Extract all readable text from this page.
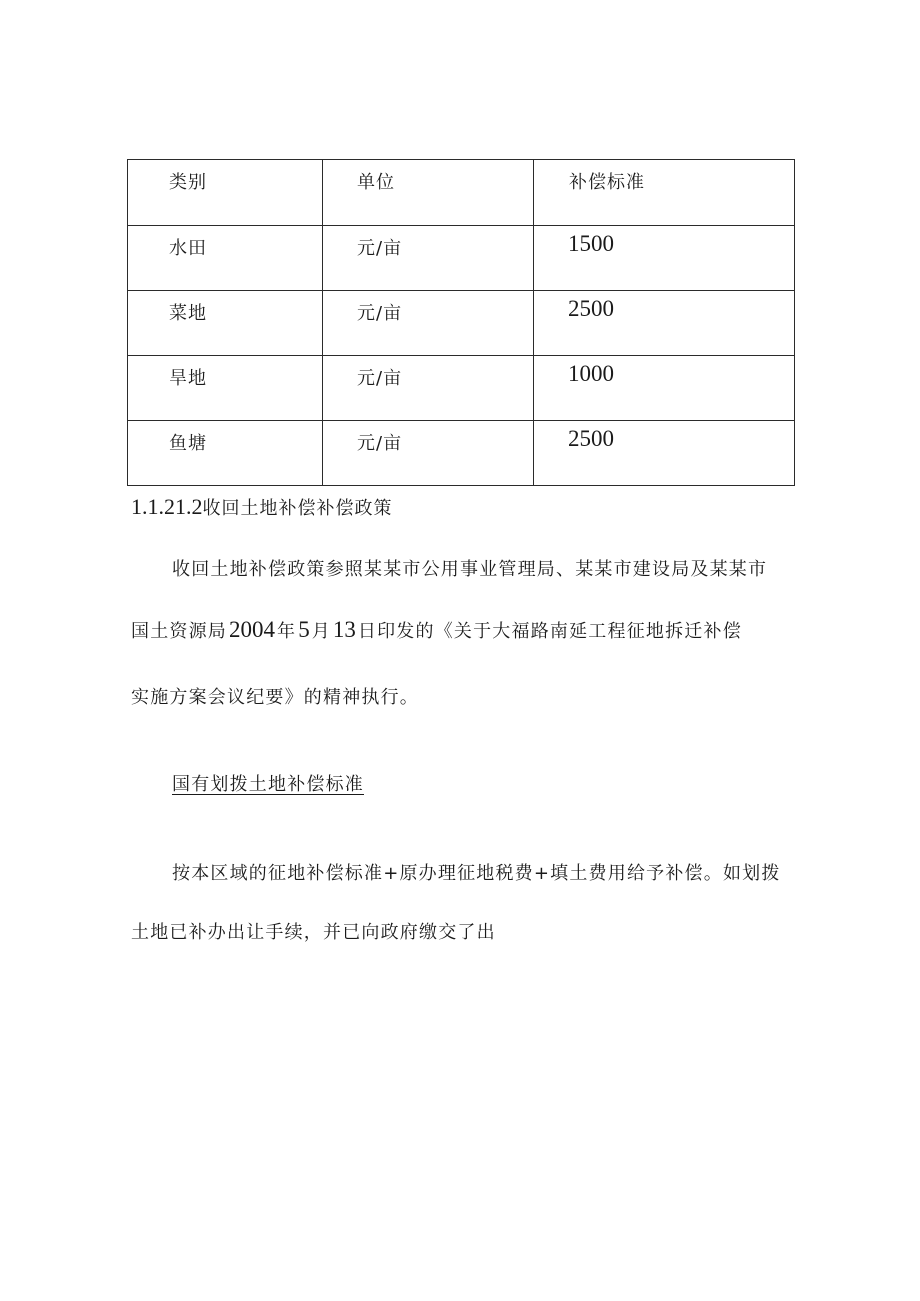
类别	单位	补偿标准

水田	元/亩	1500

菜地	元/亩	2500

旱地	元/亩	1000

鱼塘	元/亩	2500
1.1.21.2收回土地补偿补偿政策
收回土地补偿政策参照某某市公用事业管理局、某某市建设局及某某市
国土资源局2004 年5 月13 日印发的《关于大福路南延工程征地拆迁补偿
实施方案会议纪要》的精神执行。
国有划拨土地补偿标准
按本区域的征地补偿标准+原办理征地税费+填土费用给予补偿。如划拨
土地已补办出让手续，并已向政府缴交了出
